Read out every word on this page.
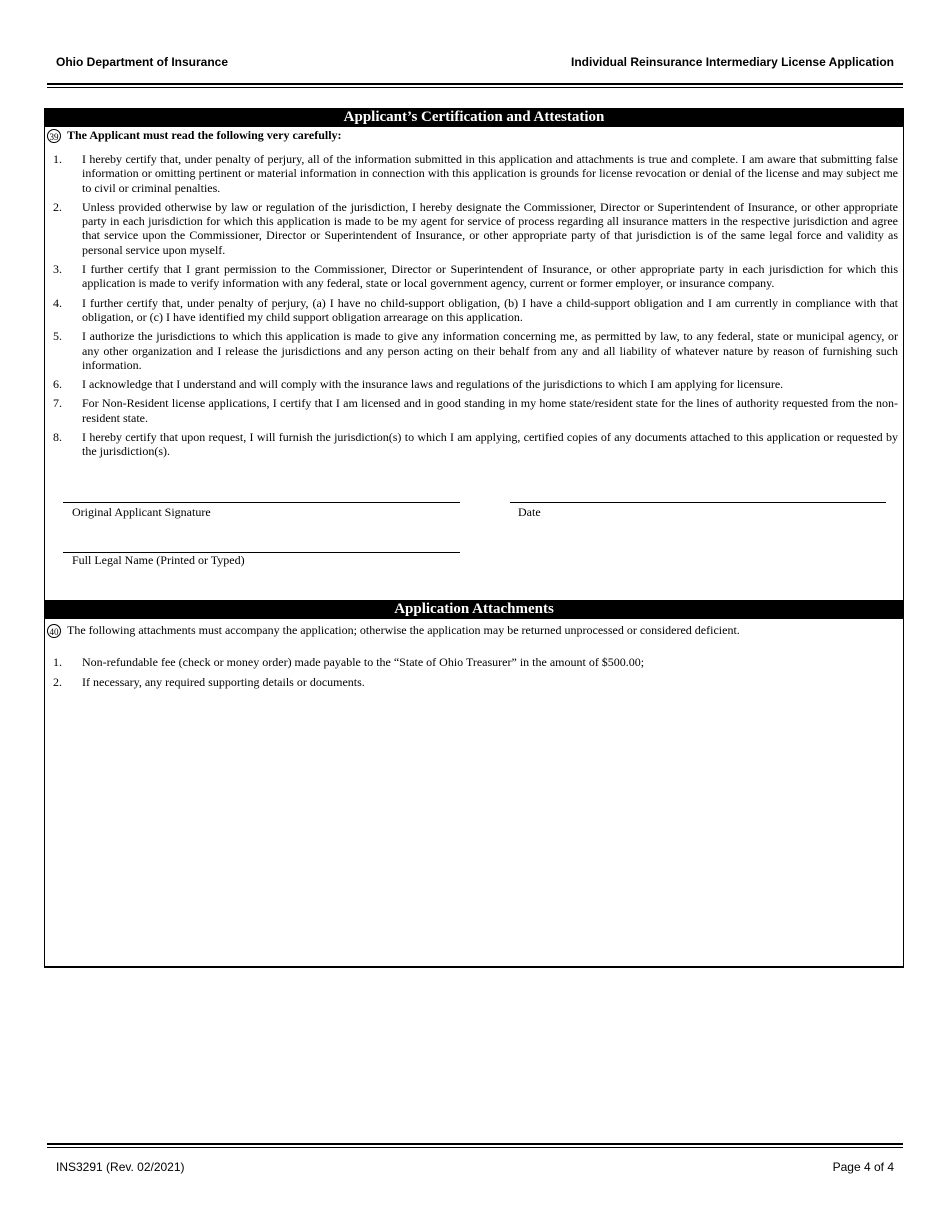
Ohio Department of Insurance	Individual Reinsurance Intermediary License Application
Applicant’s Certification and Attestation
39 The Applicant must read the following very carefully:
1. I hereby certify that, under penalty of perjury, all of the information submitted in this application and attachments is true and complete. I am aware that submitting false information or omitting pertinent or material information in connection with this application is grounds for license revocation or denial of the license and may subject me to civil or criminal penalties.
2. Unless provided otherwise by law or regulation of the jurisdiction, I hereby designate the Commissioner, Director or Superintendent of Insurance, or other appropriate party in each jurisdiction for which this application is made to be my agent for service of process regarding all insurance matters in the respective jurisdiction and agree that service upon the Commissioner, Director or Superintendent of Insurance, or other appropriate party of that jurisdiction is of the same legal force and validity as personal service upon myself.
3. I further certify that I grant permission to the Commissioner, Director or Superintendent of Insurance, or other appropriate party in each jurisdiction for which this application is made to verify information with any federal, state or local government agency, current or former employer, or insurance company.
4. I further certify that, under penalty of perjury, (a) I have no child-support obligation, (b) I have a child-support obligation and I am currently in compliance with that obligation, or (c) I have identified my child support obligation arrearage on this application.
5. I authorize the jurisdictions to which this application is made to give any information concerning me, as permitted by law, to any federal, state or municipal agency, or any other organization and I release the jurisdictions and any person acting on their behalf from any and all liability of whatever nature by reason of furnishing such information.
6. I acknowledge that I understand and will comply with the insurance laws and regulations of the jurisdictions to which I am applying for licensure.
7. For Non-Resident license applications, I certify that I am licensed and in good standing in my home state/resident state for the lines of authority requested from the non-resident state.
8. I hereby certify that upon request, I will furnish the jurisdiction(s) to which I am applying, certified copies of any documents attached to this application or requested by the jurisdiction(s).
Original Applicant Signature	Date
Full Legal Name (Printed or Typed)
Application Attachments
40 The following attachments must accompany the application; otherwise the application may be returned unprocessed or considered deficient.
1. Non-refundable fee (check or money order) made payable to the “State of Ohio Treasurer” in the amount of $500.00;
2. If necessary, any required supporting details or documents.
INS3291 (Rev. 02/2021)	Page 4 of 4
